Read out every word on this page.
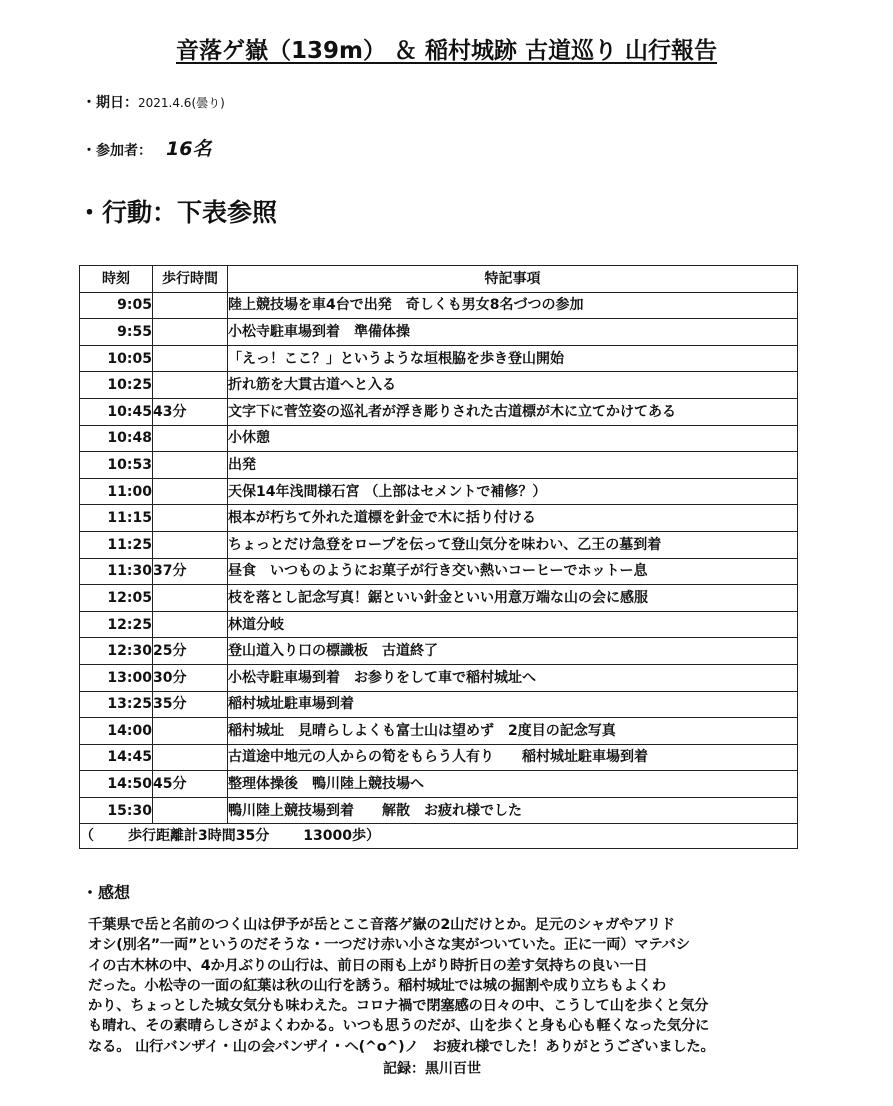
音落ゲ嶽（139m） ＆ 稲村城跡 古道巡り 山行報告
・期日：2021.4.6(曇り)
・参加者： 16名
・行動：下表参照
時刻	歩行時間	特記事項
9:05		陸上競技場を車4台で出発　奇しくも男女8名づつの参加
9:55		小松寺駐車場到着　準備体操
10:05		「えっ！ここ？」というような垣根脇を歩き登山開始
10:25		折れ筋を大貫古道へと入る
10:45	43分	文字下に菅笠姿の巡礼者が浮き彫りされた古道標が木に立てかけてある
10:48		小休憩
10:53		出発
11:00		天保14年浅間様石宮 （上部はセメントで補修？）
11:15		根本が朽ちて外れた道標を針金で木に括り付ける
11:25		ちょっとだけ急登をロープを伝って登山気分を味わい、乙王の墓到着
11:30	37分	昼食　いつものようにお菓子が行き交い熱いコーヒーでホットー息
12:05		枝を落とし記念写真！鋸といい針金といい用意万端な山の会に感服
12:25		林道分岐
12:30	25分	登山道入り口の標識板　古道終了
13:00	30分	小松寺駐車場到着　お参りをして車で稲村城址へ
13:25	35分	稲村城址駐車場到着
14:00		稲村城址　見晴らしよくも富士山は望めず　2度目の記念写真
14:45		古道途中地元の人からの筍をもらう人有り　　稲村城址駐車場到着
14:50	45分	整理体操後　鴨川陸上競技場へ
15:30		鴨川陸上競技場到着　　解散　お疲れ様でした
（ 歩行距離計3時間35分 13000歩）		
・感想
千葉県で岳と名前のつく山は伊予が岳とここ音落ゲ嶽の2山だけとか。足元のシャガやアリド
オシ(別名”一両”というのだそうな・一つだけ赤い小さな実がついていた。正に一両）マテバシ
イの古木林の中、4か月ぶりの山行は、前日の雨も上がり時折日の差す気持ちの良い一日
だった。小松寺の一面の紅葉は秋の山行を誘う。稲村城址では城の掘割や成り立ちもよくわ
かり、ちょっとした城女気分も味わえた。コロナ禍で閉塞感の日々の中、こうして山を歩くと気分
も晴れ、その素晴らしさがよくわかる。いつも思うのだが、山を歩くと身も心も軽くなった気分に
なる。 山行バンザイ・山の会バンザイ・ヘ(^o^)ノ　お疲れ様でした！ありがとうございました。
記録：黒川百世
